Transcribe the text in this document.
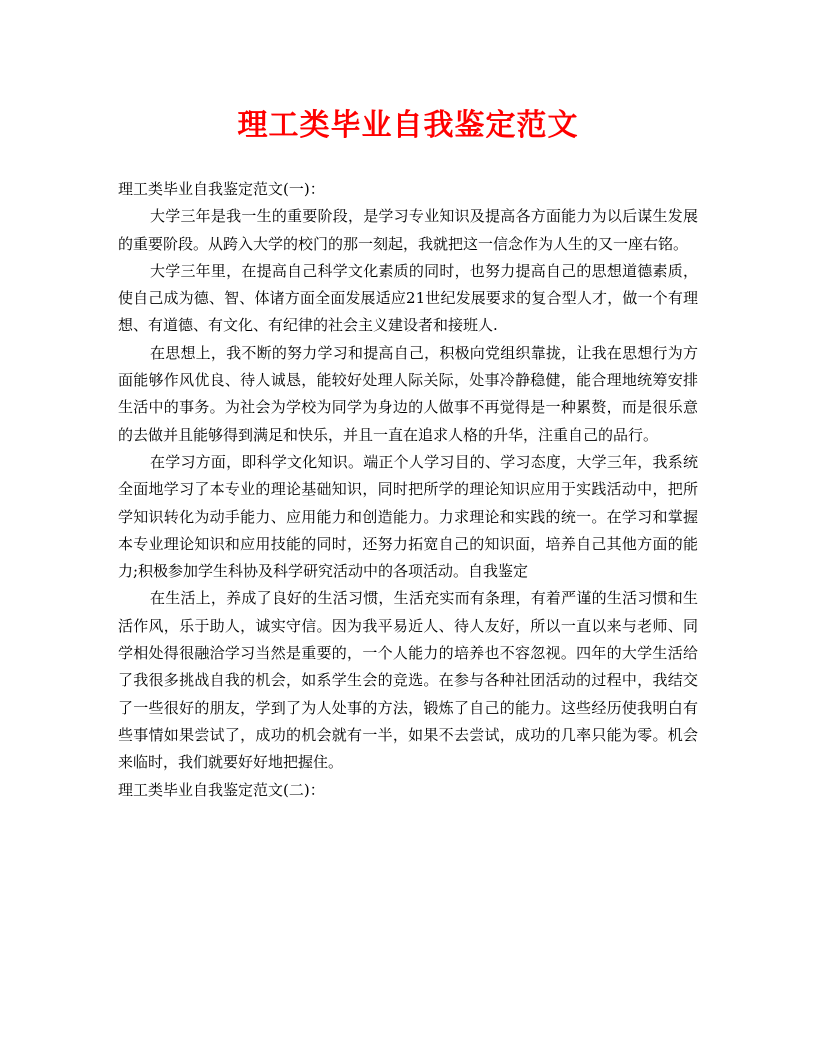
理工类毕业自我鉴定范文

理工类毕业自我鉴定范文(一)：

大学三年是我一生的重要阶段，是学习专业知识及提高各方面能力为以后谋生发展的重要阶段。从跨入大学的校门的那一刻起，我就把这一信念作为人生的又一座右铭。

大学三年里，在提高自己科学文化素质的同时，也努力提高自己的思想道德素质，使自己成为德、智、体诸方面全面发展适应21世纪发展要求的复合型人才，做一个有理想、有道德、有文化、有纪律的社会主义建设者和接班人.

在思想上，我不断的努力学习和提高自己，积极向党组织靠拢，让我在思想行为方面能够作风优良、待人诚恳，能较好处理人际关际，处事冷静稳健，能合理地统筹安排生活中的事务。为社会为学校为同学为身边的人做事不再觉得是一种累赘，而是很乐意的去做并且能够得到满足和快乐，并且一直在追求人格的升华，注重自己的品行。

在学习方面，即科学文化知识。端正个人学习目的、学习态度，大学三年，我系统全面地学习了本专业的理论基础知识，同时把所学的理论知识应用于实践活动中，把所学知识转化为动手能力、应用能力和创造能力。力求理论和实践的统一。在学习和掌握本专业理论知识和应用技能的同时，还努力拓宽自己的知识面，培养自己其他方面的能力;积极参加学生科协及科学研究活动中的各项活动。自我鉴定

在生活上，养成了良好的生活习惯，生活充实而有条理，有着严谨的生活习惯和生活作风，乐于助人，诚实守信。因为我平易近人、待人友好，所以一直以来与老师、同学相处得很融洽学习当然是重要的，一个人能力的培养也不容忽视。四年的大学生活给了我很多挑战自我的机会，如系学生会的竞选。在参与各种社团活动的过程中，我结交了一些很好的朋友，学到了为人处事的方法，锻炼了自己的能力。这些经历使我明白有些事情如果尝试了，成功的机会就有一半，如果不去尝试，成功的几率只能为零。机会来临时，我们就要好好地把握住。

理工类毕业自我鉴定范文(二)：
